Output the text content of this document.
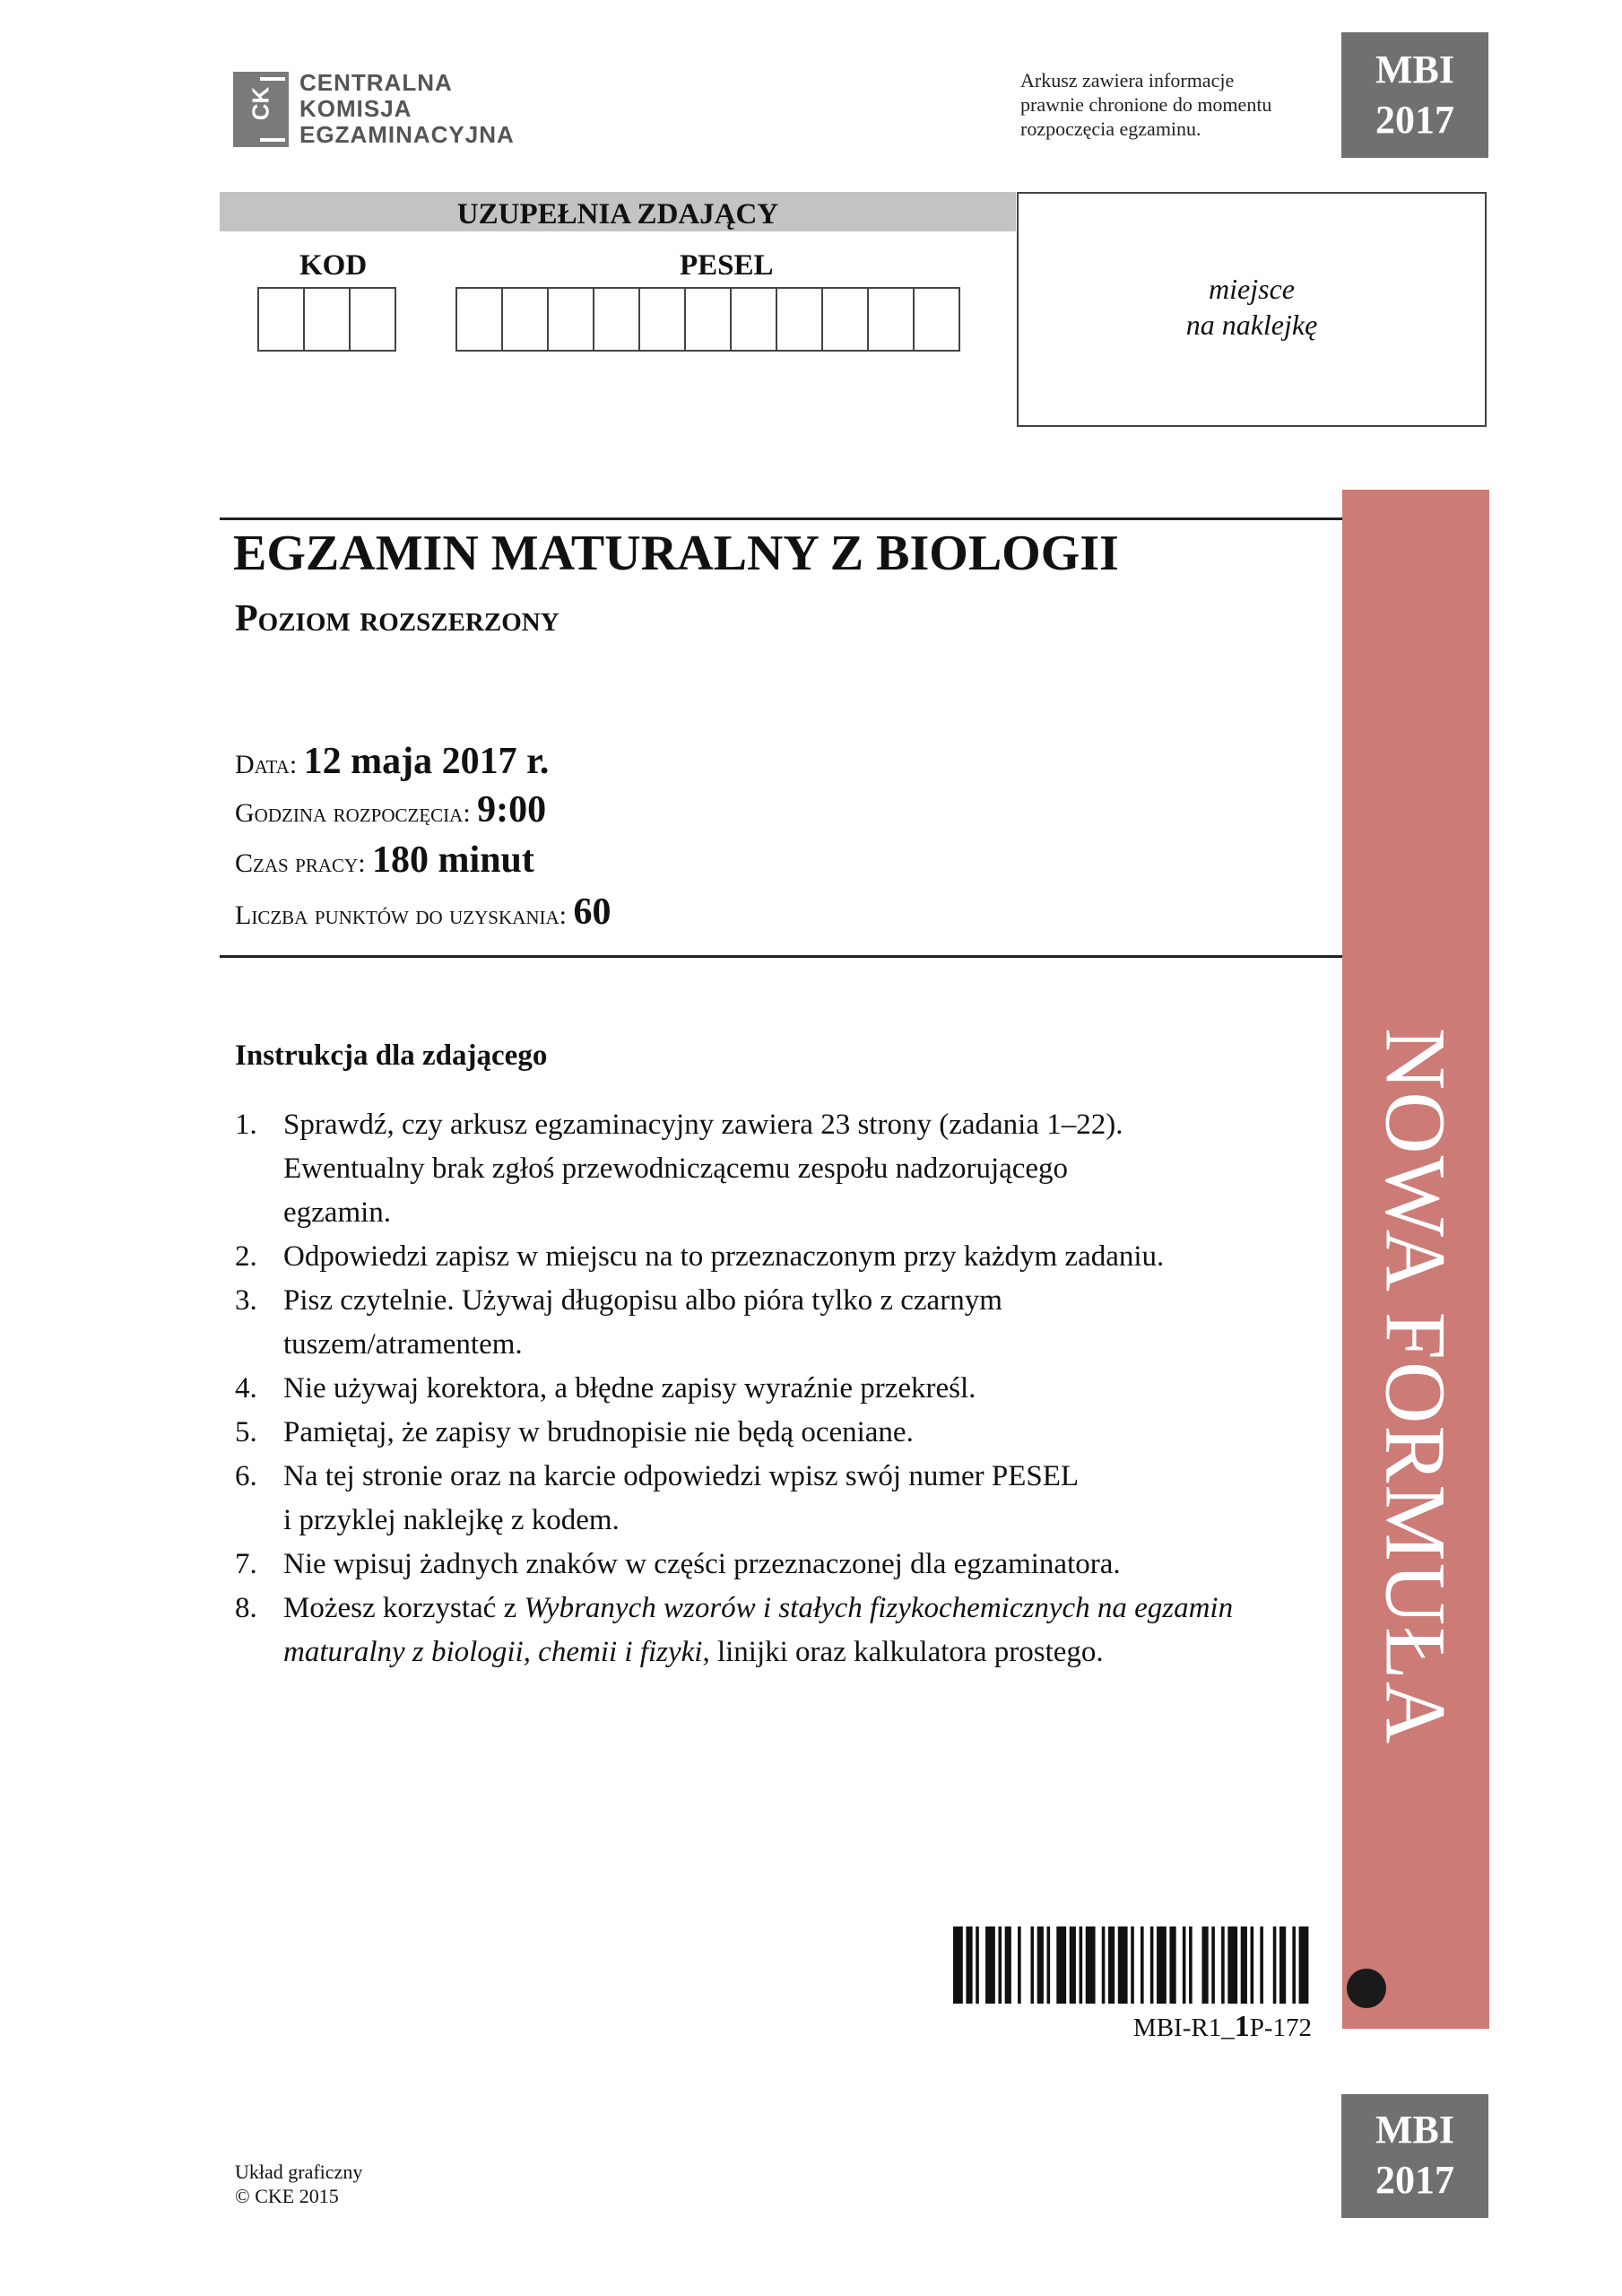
CK
CENTRALNA
KOMISJA
EGZAMINACYJNA
Arkusz zawiera informacje
prawnie chronione do momentu
rozpoczęcia egzaminu.
MBI
2017
UZUPEŁNIA ZDAJĄCY
KOD	PESEL
miejsce
na naklejkę
EGZAMIN MATURALNY Z BIOLOGII
Poziom rozszerzony
Data: 12 maja 2017 r.
Godzina rozpoczęcia: 9:00
Czas pracy: 180 minut
Liczba punktów do uzyskania: 60
Instrukcja dla zdającego
1. Sprawdź, czy arkusz egzaminacyjny zawiera 23 strony (zadania 1–22).
Ewentualny brak zgłoś przewodniczącemu zespołu nadzorującego
egzamin.
2. Odpowiedzi zapisz w miejscu na to przeznaczonym przy każdym zadaniu.
3. Pisz czytelnie. Używaj długopisu albo pióra tylko z czarnym
tuszem/atramentem.
4. Nie używaj korektora, a błędne zapisy wyraźnie przekreśl.
5. Pamiętaj, że zapisy w brudnopisie nie będą oceniane.
6. Na tej stronie oraz na karcie odpowiedzi wpisz swój numer PESEL
i przyklej naklejkę z kodem.
7. Nie wpisuj żadnych znaków w części przeznaczonej dla egzaminatora.
8. Możesz korzystać z Wybranych wzorów i stałych fizykochemicznych na egzamin maturalny z biologii, chemii i fizyki, linijki oraz kalkulatora prostego.	NOWA FORMUŁA
MBI-R1_1P-172
MBI
2017
Układ graficzny
© CKE 2015
